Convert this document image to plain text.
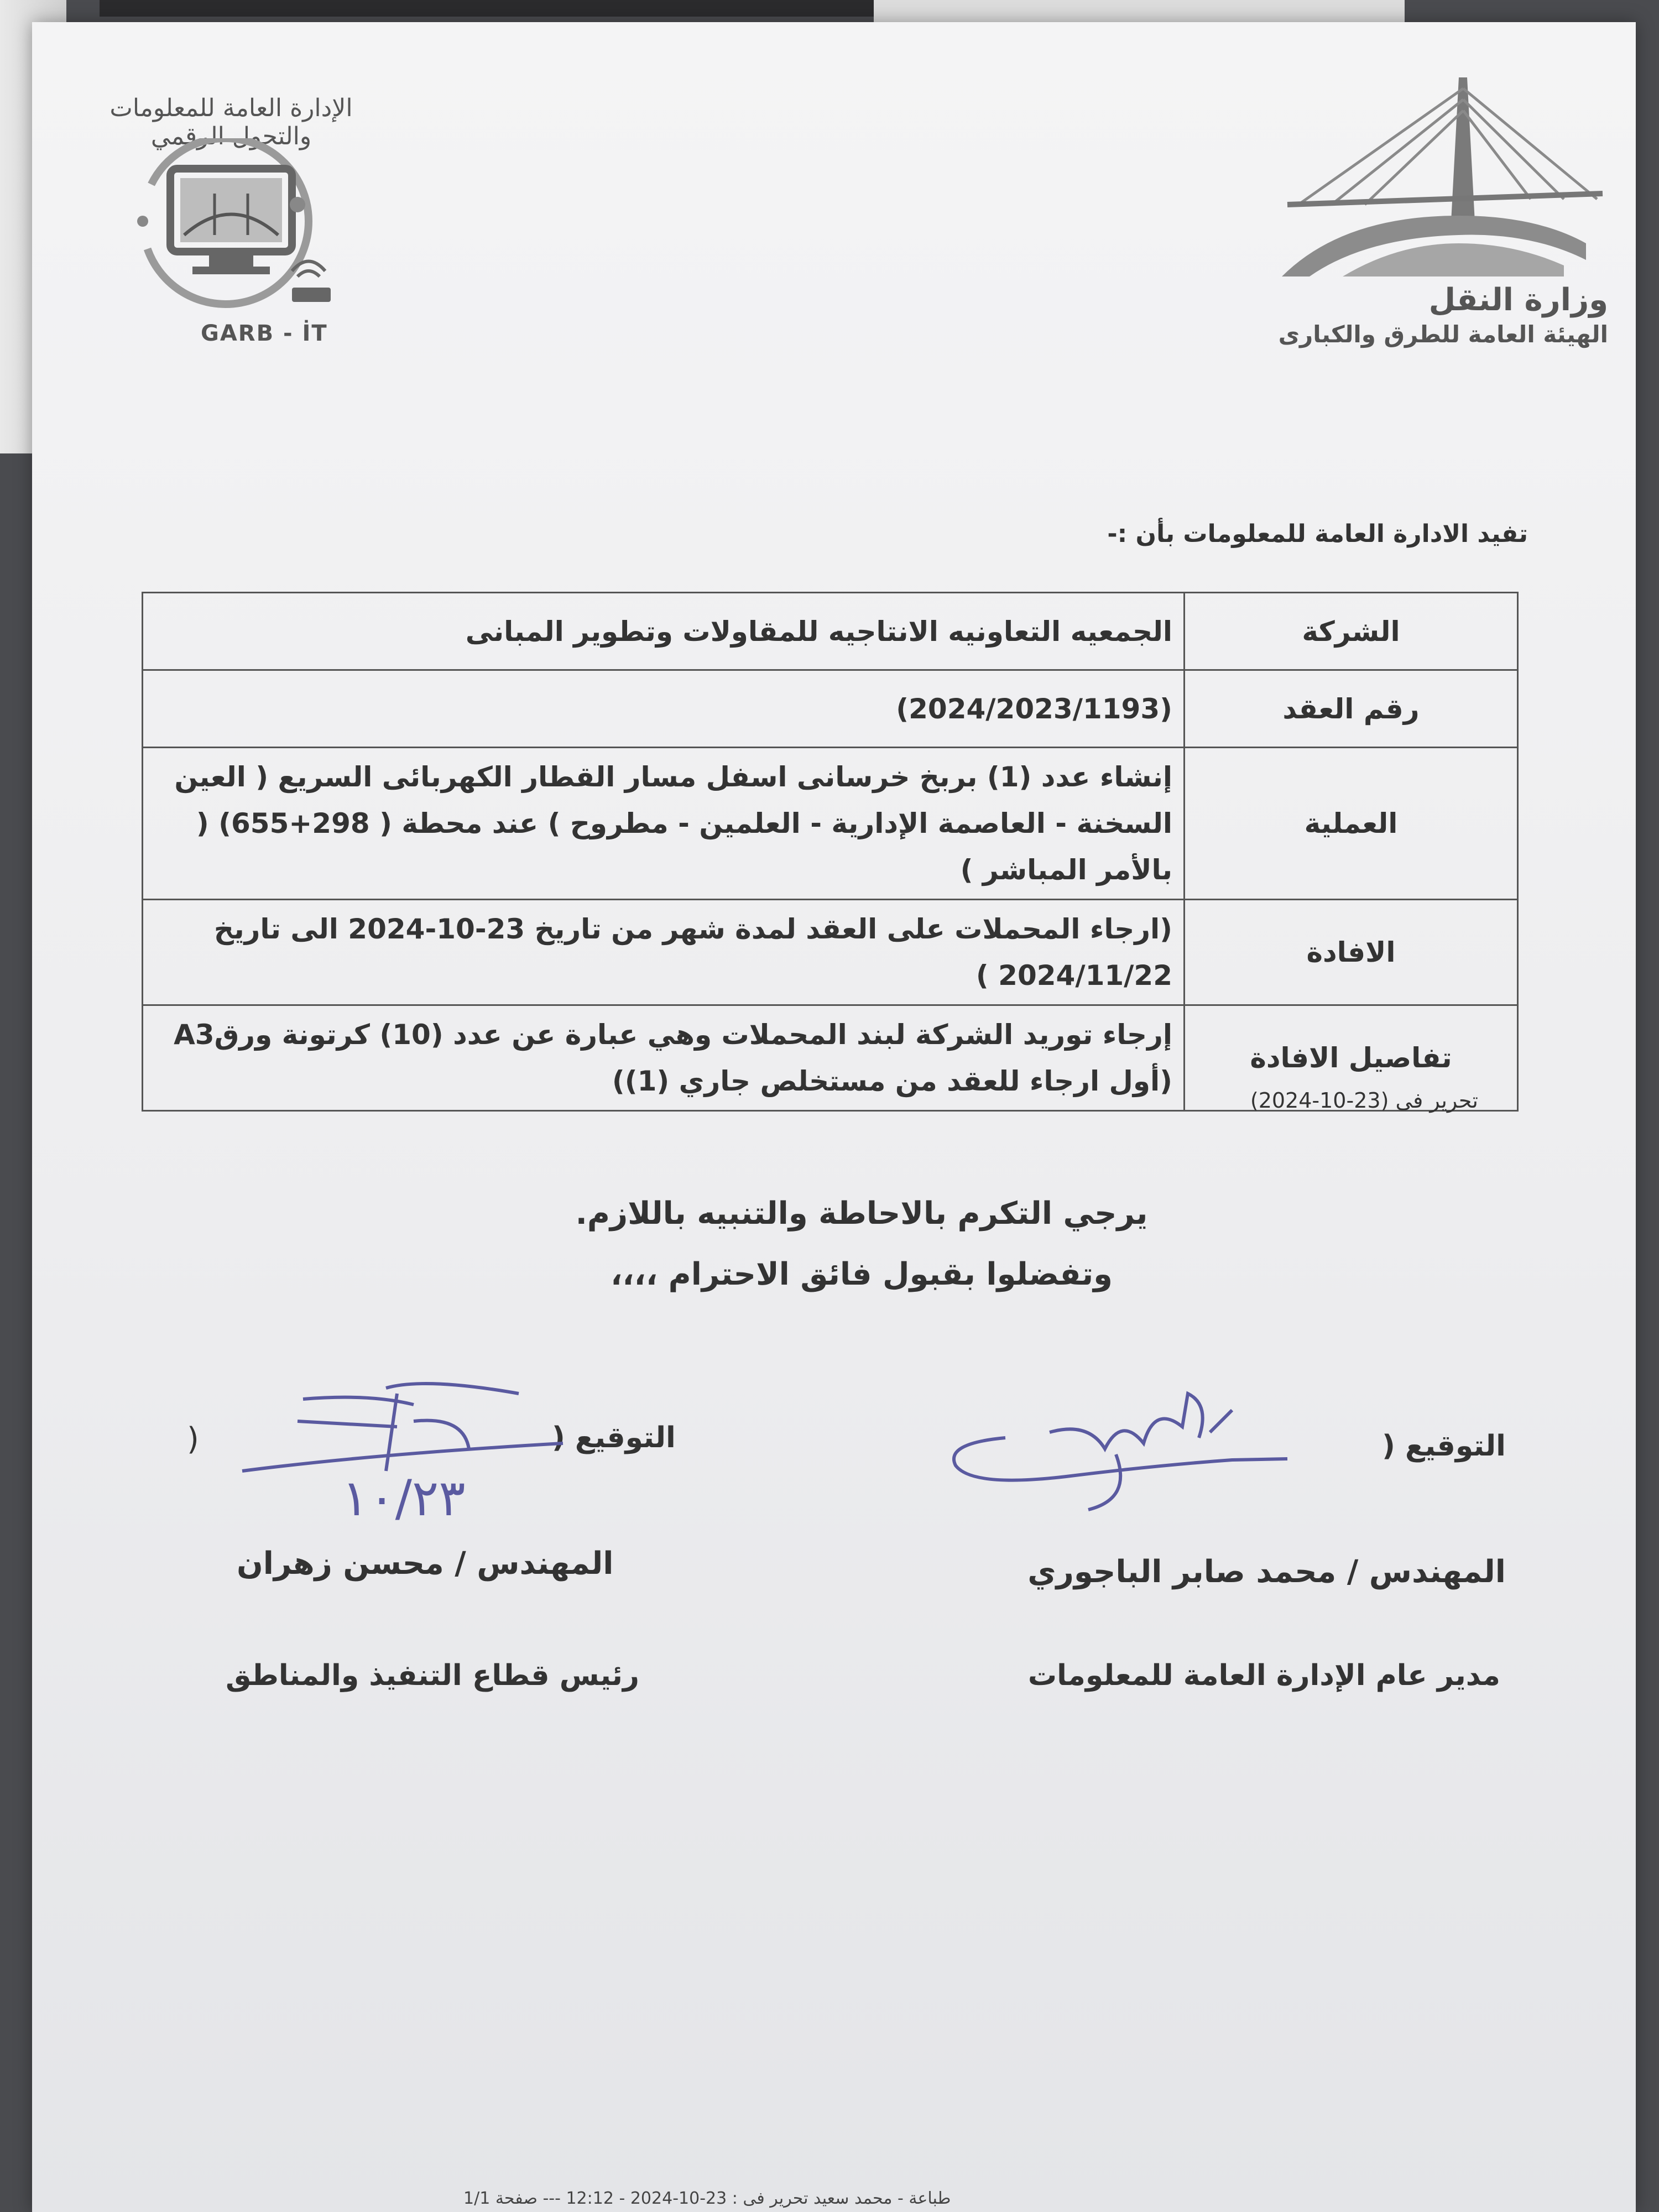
الإدارة العامة للمعلومات والتحول الرقمي
GARB - İT
وزارة النقل
الهيئة العامة للطرق والكبارى
تفيد الادارة العامة للمعلومات بأن :-
الشركة	الجمعيه التعاونيه الانتاجيه للمقاولات وتطوير المبانى
رقم العقد	(2024/2023/1193)
العملية	إنشاء عدد (1) بربخ خرسانى اسفل مسار القطار الكهربائى السريع ( العين السخنة - العاصمة الإدارية - العلمين - مطروح ) عند محطة ( 298+655) ( بالأمر المباشر )
الافادة	(ارجاء المحملات على العقد لمدة شهر من تاريخ 23-10-2024 الى تاريخ 2024/11/22 )
تفاصيل الافادة	إرجاء توريد الشركة لبند المحملات وهي عبارة عن عدد (10) كرتونة ورقA3 (أول ارجاء للعقد من مستخلص جاري (1))
تحرير فى (23-10-2024)
يرجي التكرم بالاحاطة والتنبيه باللازم.
وتفضلوا بقبول فائق الاحترام ،،،،
التوقيع (
المهندس / محمد صابر الباجوري
مدير عام الإدارة العامة للمعلومات
التوقيع (
)
۱۰/۲۳
المهندس / محسن زهران
رئيس قطاع التنفيذ والمناطق
طباعة - محمد سعيد تحرير فى : 23-10-2024 - 12:12 --- صفحة 1/1
